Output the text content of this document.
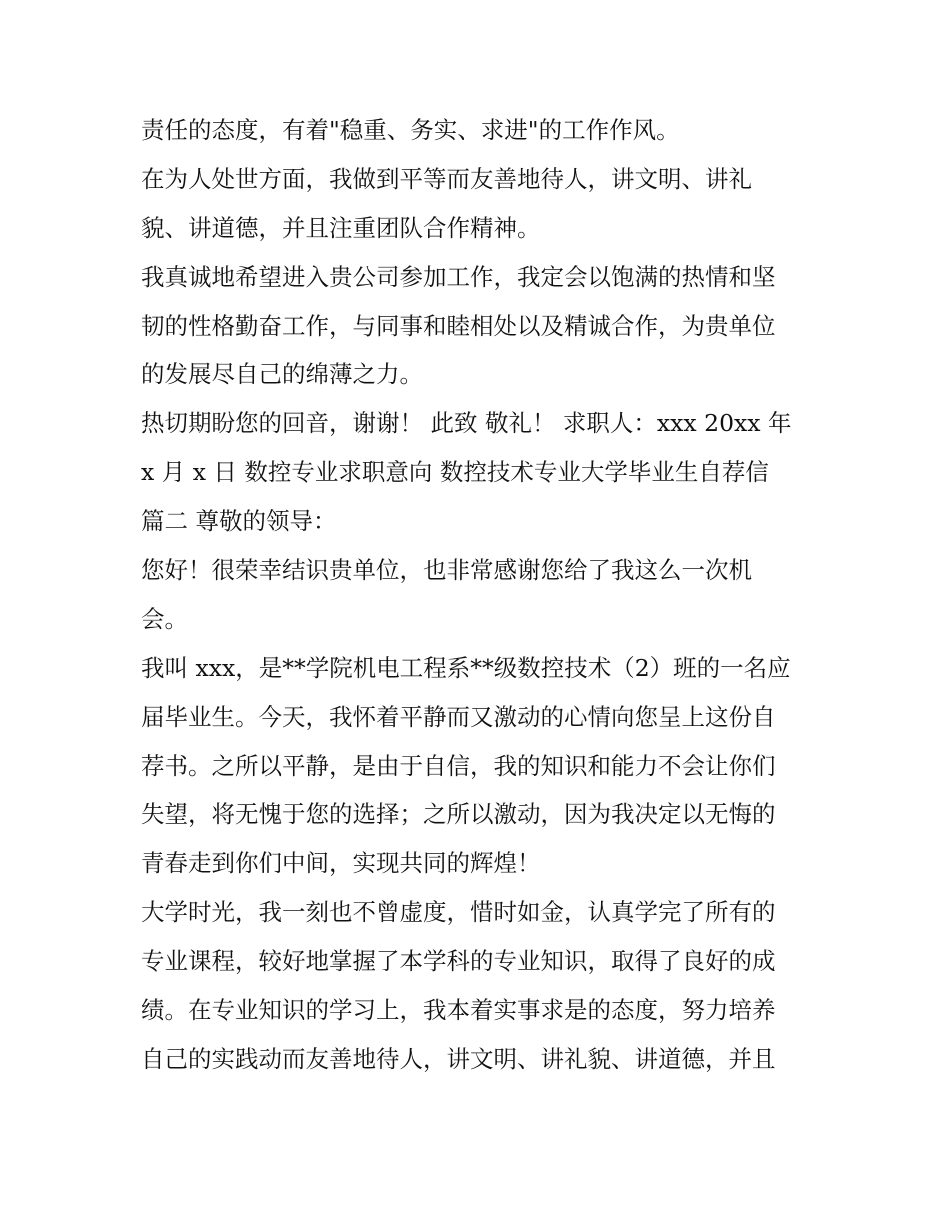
责任的态度，有着"稳重、务实、求进"的工作作风。
在为人处世方面，我做到平等而友善地待人，讲文明、讲礼
貌、讲道德，并且注重团队合作精神。
我真诚地希望进入贵公司参加工作，我定会以饱满的热情和坚
韧的性格勤奋工作，与同事和睦相处以及精诚合作，为贵单位
的发展尽自己的绵薄之力。
热切期盼您的回音，谢谢！ 此致 敬礼！ 求职人：xxx 20xx 年
x 月 x 日 数控专业求职意向 数控技术专业大学毕业生自荐信
篇二 尊敬的领导：
您好！很荣幸结识贵单位，也非常感谢您给了我这么一次机
会。
我叫 xxx，是**学院机电工程系**级数控技术（2）班的一名应
届毕业生。今天，我怀着平静而又激动的心情向您呈上这份自
荐书。之所以平静，是由于自信，我的知识和能力不会让你们
失望，将无愧于您的选择；之所以激动，因为我决定以无悔的
青春走到你们中间，实现共同的辉煌！
大学时光，我一刻也不曾虚度，惜时如金，认真学完了所有的
专业课程，较好地掌握了本学科的专业知识，取得了良好的成
绩。在专业知识的学习上，我本着实事求是的态度，努力培养
自己的实践动而友善地待人，讲文明、讲礼貌、讲道德，并且
